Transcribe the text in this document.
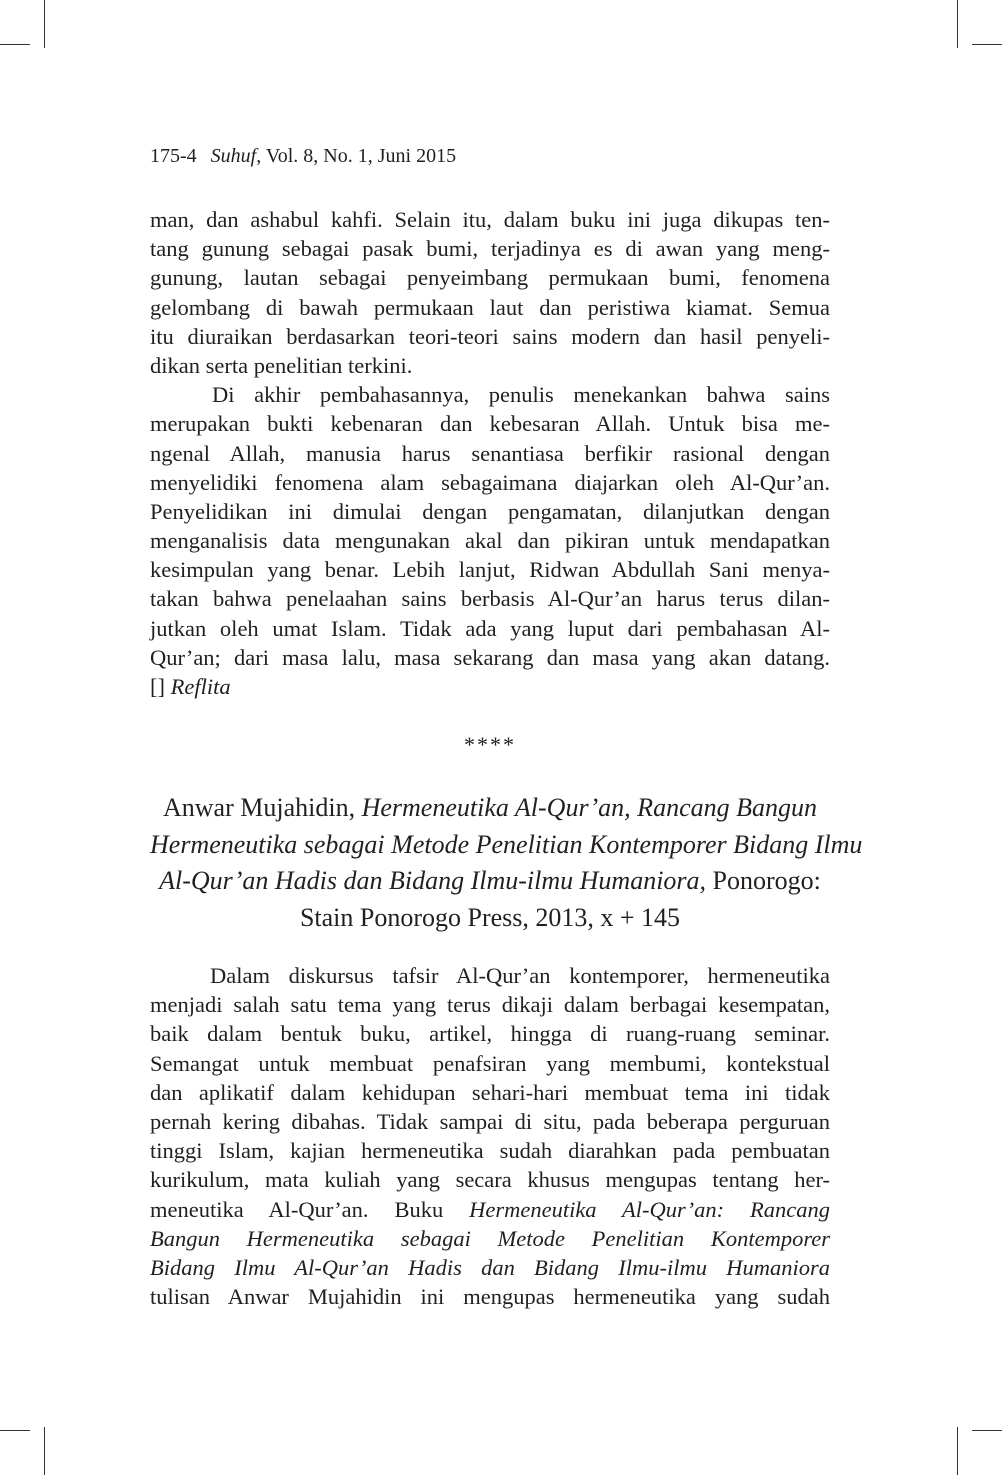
175-4 Suhuf, Vol. 8, No. 1, Juni 2015
man, dan ashabul kahfi. Selain itu, dalam buku ini juga dikupas ten-
tang gunung sebagai pasak bumi, terjadinya es di awan yang meng-
gunung, lautan sebagai penyeimbang permukaan bumi, fenomena
gelombang di bawah permukaan laut dan peristiwa kiamat. Semua
itu diuraikan berdasarkan teori-teori sains modern dan hasil penyeli-
dikan serta penelitian terkini.
Di akhir pembahasannya, penulis menekankan bahwa sains
merupakan bukti kebenaran dan kebesaran Allah. Untuk bisa me-
ngenal Allah, manusia harus senantiasa berfikir rasional dengan
menyelidiki fenomena alam sebagaimana diajarkan oleh Al-Qur’an.
Penyelidikan ini dimulai dengan pengamatan, dilanjutkan dengan
menganalisis data mengunakan akal dan pikiran untuk mendapatkan
kesimpulan yang benar. Lebih lanjut, Ridwan Abdullah Sani menya-
takan bahwa penelaahan sains berbasis Al-Qur’an harus terus dilan-
jutkan oleh umat Islam. Tidak ada yang luput dari pembahasan Al-
Qur’an; dari masa lalu, masa sekarang dan masa yang akan datang.
[] Reflita
****
Anwar Mujahidin, Hermeneutika Al-Qur’an, Rancang Bangun
Hermeneutika sebagai Metode Penelitian Kontemporer Bidang Ilmu
Al-Qur’an Hadis dan Bidang Ilmu-ilmu Humaniora, Ponorogo:
Stain Ponorogo Press, 2013, x + 145
Dalam diskursus tafsir Al-Qur’an kontemporer, hermeneutika
menjadi salah satu tema yang terus dikaji dalam berbagai kesempatan,
baik dalam bentuk buku, artikel, hingga di ruang-ruang seminar.
Semangat untuk membuat penafsiran yang membumi, kontekstual
dan aplikatif dalam kehidupan sehari-hari membuat tema ini tidak
pernah kering dibahas. Tidak sampai di situ, pada beberapa perguruan
tinggi Islam, kajian hermeneutika sudah diarahkan pada pembuatan
kurikulum, mata kuliah yang secara khusus mengupas tentang her-
meneutika Al-Qur’an. Buku Hermeneutika Al-Qur’an: Rancang
Bangun Hermeneutika sebagai Metode Penelitian Kontemporer
Bidang Ilmu Al-Qur’an Hadis dan Bidang Ilmu-ilmu Humaniora
tulisan Anwar Mujahidin ini mengupas hermeneutika yang sudah
